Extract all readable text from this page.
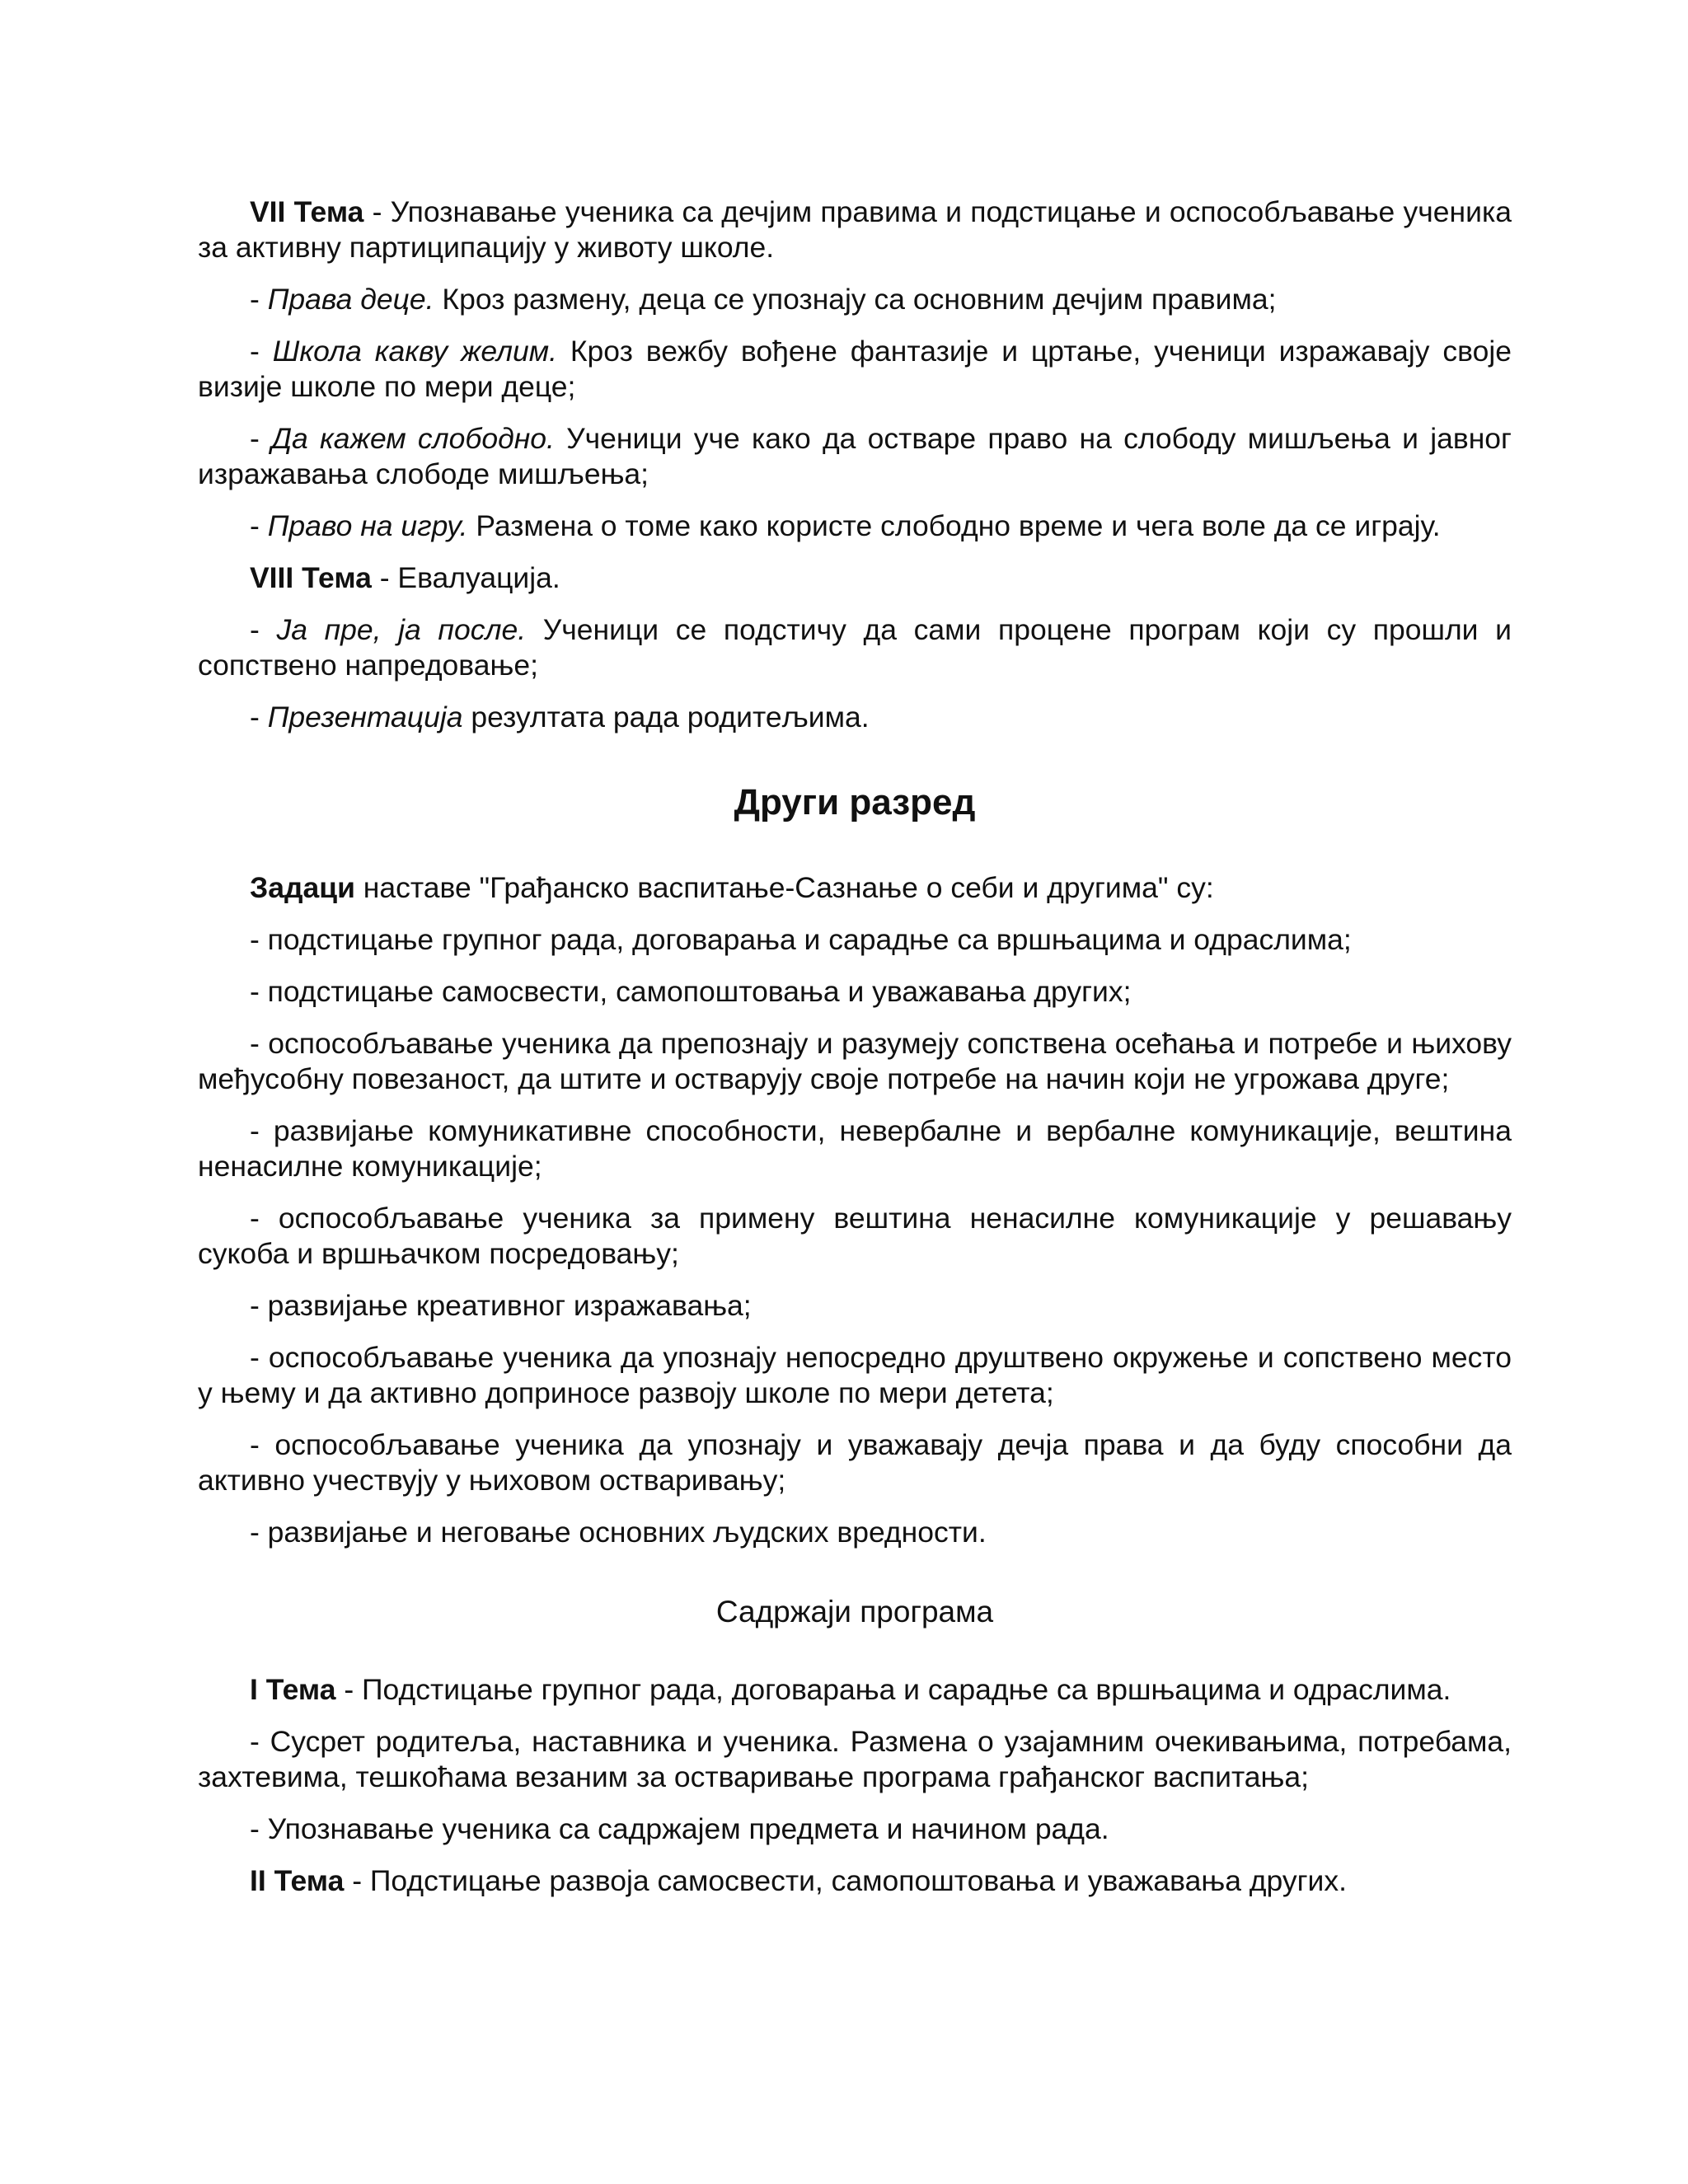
VII Тема - Упознавање ученика са дечјим правима и подстицање и оспособљавање ученика за активну партиципацију у животу школе.

- Права деце. Кроз размену, деца се упознају са основним дечјим правима;

- Школа какву желим. Кроз вежбу вођене фантазије и цртање, ученици изражавају своје визије школе по мери деце;

- Да кажем слободно. Ученици уче како да остваре право на слободу мишљења и јавног изражавања слободе мишљења;

- Право на игру. Размена о томе како користе слободно време и чега воле да се играју.

VIII Тема - Евалуација.

- Ја пре, ја после. Ученици се подстичу да сами процене програм који су прошли и сопствено напредовање;

- Презентација резултата рада родитељима.

Други разред

Задаци наставе "Грађанско васпитање-Сазнање о себи и другима" су:

- подстицање групног рада, договарања и сарадње са вршњацима и одраслима;

- подстицање самосвести, самопоштовања и уважавања других;

- оспособљавање ученика да препознају и разумеју сопствена осећања и потребе и њихову међусобну повезаност, да штите и остварују своје потребе на начин који не угрожава друге;

- развијање комуникативне способности, невербалне и вербалне комуникације, вештина ненасилне комуникације;

- оспособљавање ученика за примену вештина ненасилне комуникације у решавању сукоба и вршњачком посредовању;

- развијање креативног изражавања;

- оспособљавање ученика да упознају непосредно друштвено окружење и сопствено место у њему и да активно доприносе развоју школе по мери детета;

- оспособљавање ученика да упознају и уважавају дечја права и да буду способни да активно учествују у њиховом остваривању;

- развијање и неговање основних људских вредности.

Садржаји програма

I Тема - Подстицање групног рада, договарања и сарадње са вршњацима и одраслима.

- Сусрет родитеља, наставника и ученика. Размена о узајамним очекивањима, потребама, захтевима, тешкоћама везаним за остваривање програма грађанског васпитања;

- Упознавање ученика са садржајем предмета и начином рада.

II Тема - Подстицање развоја самосвести, самопоштовања и уважавања других.
